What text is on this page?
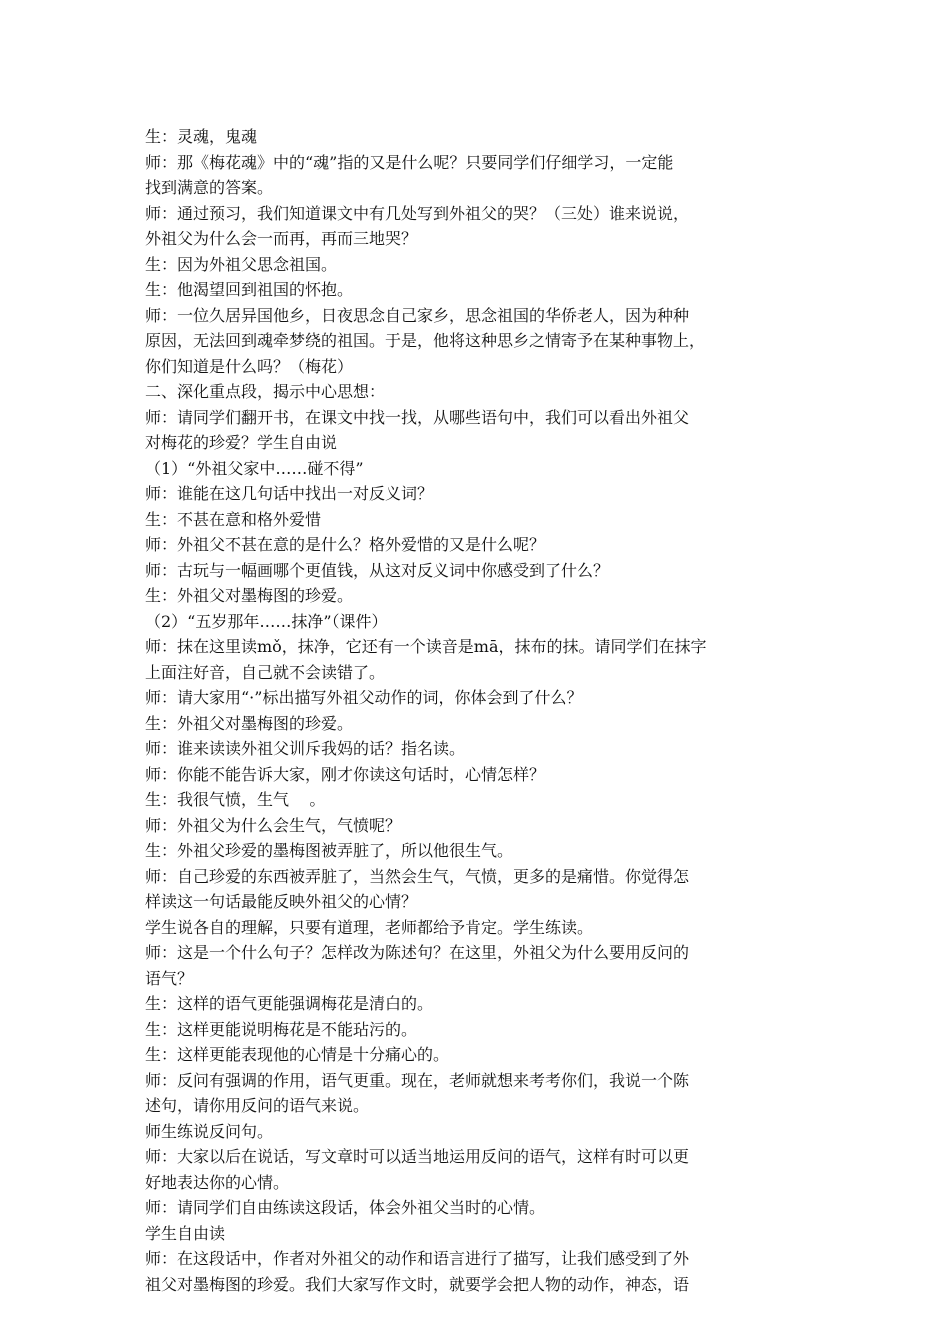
生：灵魂，鬼魂
师：那《梅花魂》中的“魂”指的又是什么呢？只要同学们仔细学习，一定能
找到满意的答案。
师：通过预习，我们知道课文中有几处写到外祖父的哭？（三处）谁来说说，
外祖父为什么会一而再，再而三地哭？
生：因为外祖父思念祖国。
生：他渴望回到祖国的怀抱。
师：一位久居异国他乡，日夜思念自己家乡，思念祖国的华侨老人，因为种种
原因，无法回到魂牵梦绕的祖国。于是，他将这种思乡之情寄予在某种事物上，
你们知道是什么吗？（梅花）
二、深化重点段，揭示中心思想：
师：请同学们翻开书，在课文中找一找，从哪些语句中，我们可以看出外祖父
对梅花的珍爱？学生自由说
（1）“外祖父家中……碰不得”
师：谁能在这几句话中找出一对反义词？
生：不甚在意和格外爱惜
师：外祖父不甚在意的是什么？格外爱惜的又是什么呢？
师：古玩与一幅画哪个更值钱，从这对反义词中你感受到了什么？
生：外祖父对墨梅图的珍爱。
（2）“五岁那年……抹净”（课件）
师：抹在这里读mǒ，抹净，它还有一个读音是mā，抹布的抹。请同学们在抹字
上面注好音，自己就不会读错了。
师：请大家用“·”标出描写外祖父动作的词，你体会到了什么？
生：外祖父对墨梅图的珍爱。
师：谁来读读外祖父训斥我妈的话？指名读。
师：你能不能告诉大家，刚才你读这句话时，心情怎样？
生：我很气愤，生气    。
师：外祖父为什么会生气，气愤呢？
生：外祖父珍爱的墨梅图被弄脏了，所以他很生气。
师：自己珍爱的东西被弄脏了，当然会生气，气愤，更多的是痛惜。你觉得怎
样读这一句话最能反映外祖父的心情？
学生说各自的理解，只要有道理，老师都给予肯定。学生练读。
师：这是一个什么句子？怎样改为陈述句？在这里，外祖父为什么要用反问的
语气？
生：这样的语气更能强调梅花是清白的。
生：这样更能说明梅花是不能玷污的。
生：这样更能表现他的心情是十分痛心的。
师：反问有强调的作用，语气更重。现在，老师就想来考考你们，我说一个陈
述句，请你用反问的语气来说。
师生练说反问句。
师：大家以后在说话，写文章时可以适当地运用反问的语气，这样有时可以更
好地表达你的心情。
师：请同学们自由练读这段话，体会外祖父当时的心情。
学生自由读
师：在这段话中，作者对外祖父的动作和语言进行了描写，让我们感受到了外
祖父对墨梅图的珍爱。我们大家写作文时，就要学会把人物的动作，神态，语
